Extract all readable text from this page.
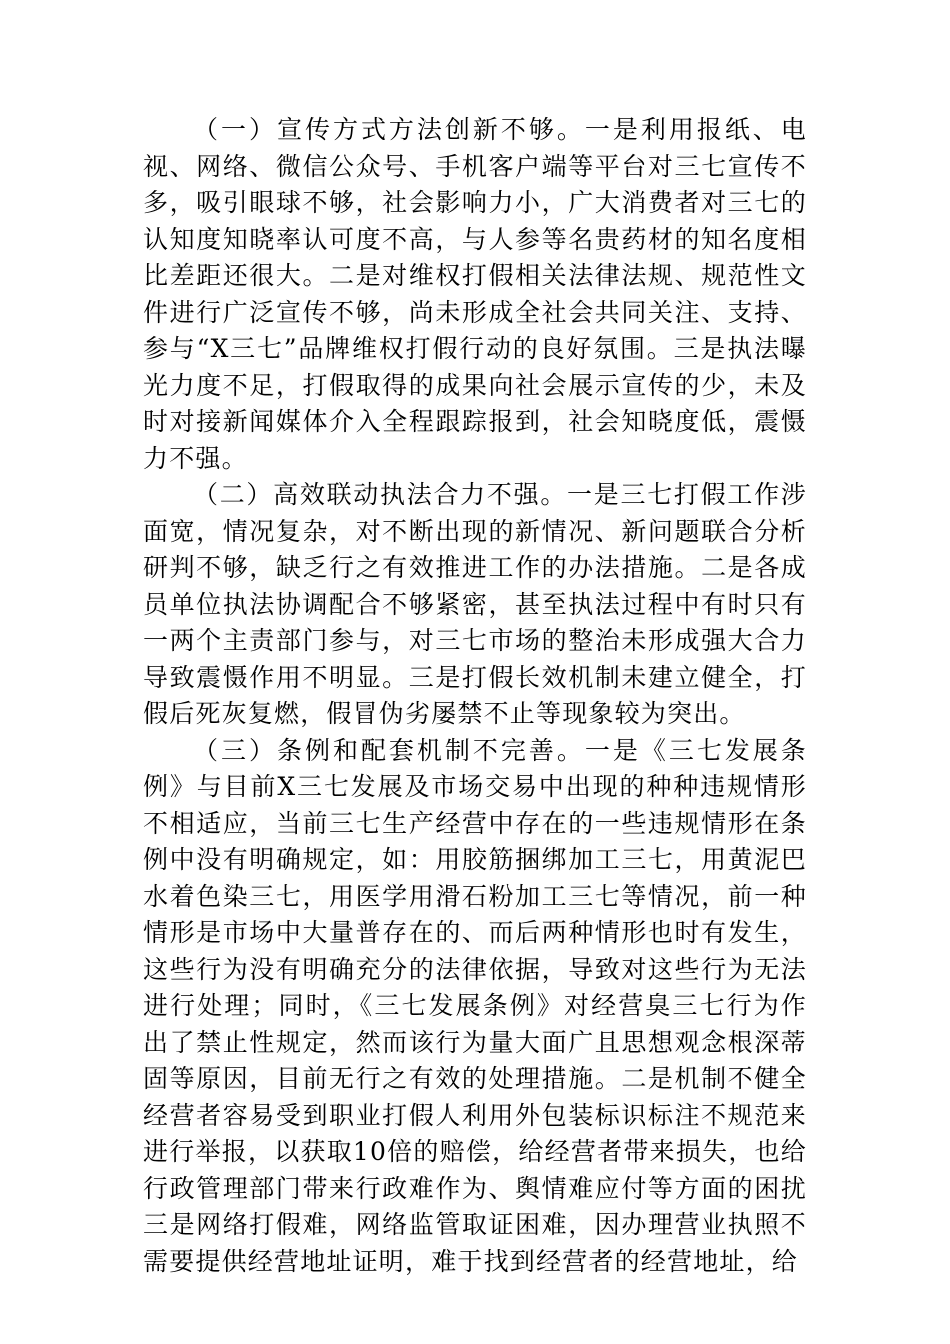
（一）宣传方式方法创新不够。一是利用报纸、电视、网络、微信公众号、手机客户端等平台对三七宣传不多，吸引眼球不够，社会影响力小，广大消费者对三七的认知度知晓率认可度不高，与人参等名贵药材的知名度相比差距还很大。二是对维权打假相关法律法规、规范性文件进行广泛宣传不够，尚未形成全社会共同关注、支持、参与“X三七”品牌维权打假行动的良好氛围。三是执法曝光力度不足，打假取得的成果向社会展示宣传的少，未及时对接新闻媒体介入全程跟踪报到，社会知晓度低，震慑力不强。

（二）高效联动执法合力不强。一是三七打假工作涉面宽，情况复杂，对不断出现的新情况、新问题联合分析研判不够，缺乏行之有效推进工作的办法措施。二是各成员单位执法协调配合不够紧密，甚至执法过程中有时只有一两个主责部门参与，对三七市场的整治未形成强大合力导致震慑作用不明显。三是打假长效机制未建立健全，打假后死灰复燃，假冒伪劣屡禁不止等现象较为突出。

（三）条例和配套机制不完善。一是《三七发展条例》与目前X三七发展及市场交易中出现的种种违规情形不相适应，当前三七生产经营中存在的一些违规情形在条例中没有明确规定，如：用胶筋捆绑加工三七，用黄泥巴水着色染三七，用医学用滑石粉加工三七等情况，前一种情形是市场中大量普存在的、而后两种情形也时有发生，这些行为没有明确充分的法律依据，导致对这些行为无法进行处理；同时，《三七发展条例》对经营臭三七行为作出了禁止性规定，然而该行为量大面广且思想观念根深蒂固等原因，目前无行之有效的处理措施。二是机制不健全经营者容易受到职业打假人利用外包装标识标注不规范来进行举报，以获取10倍的赔偿，给经营者带来损失，也给行政管理部门带来行政难作为、舆情难应付等方面的困扰三是网络打假难，网络监管取证困难，因办理营业执照不需要提供经营地址证明，难于找到经营者的经营地址，给
